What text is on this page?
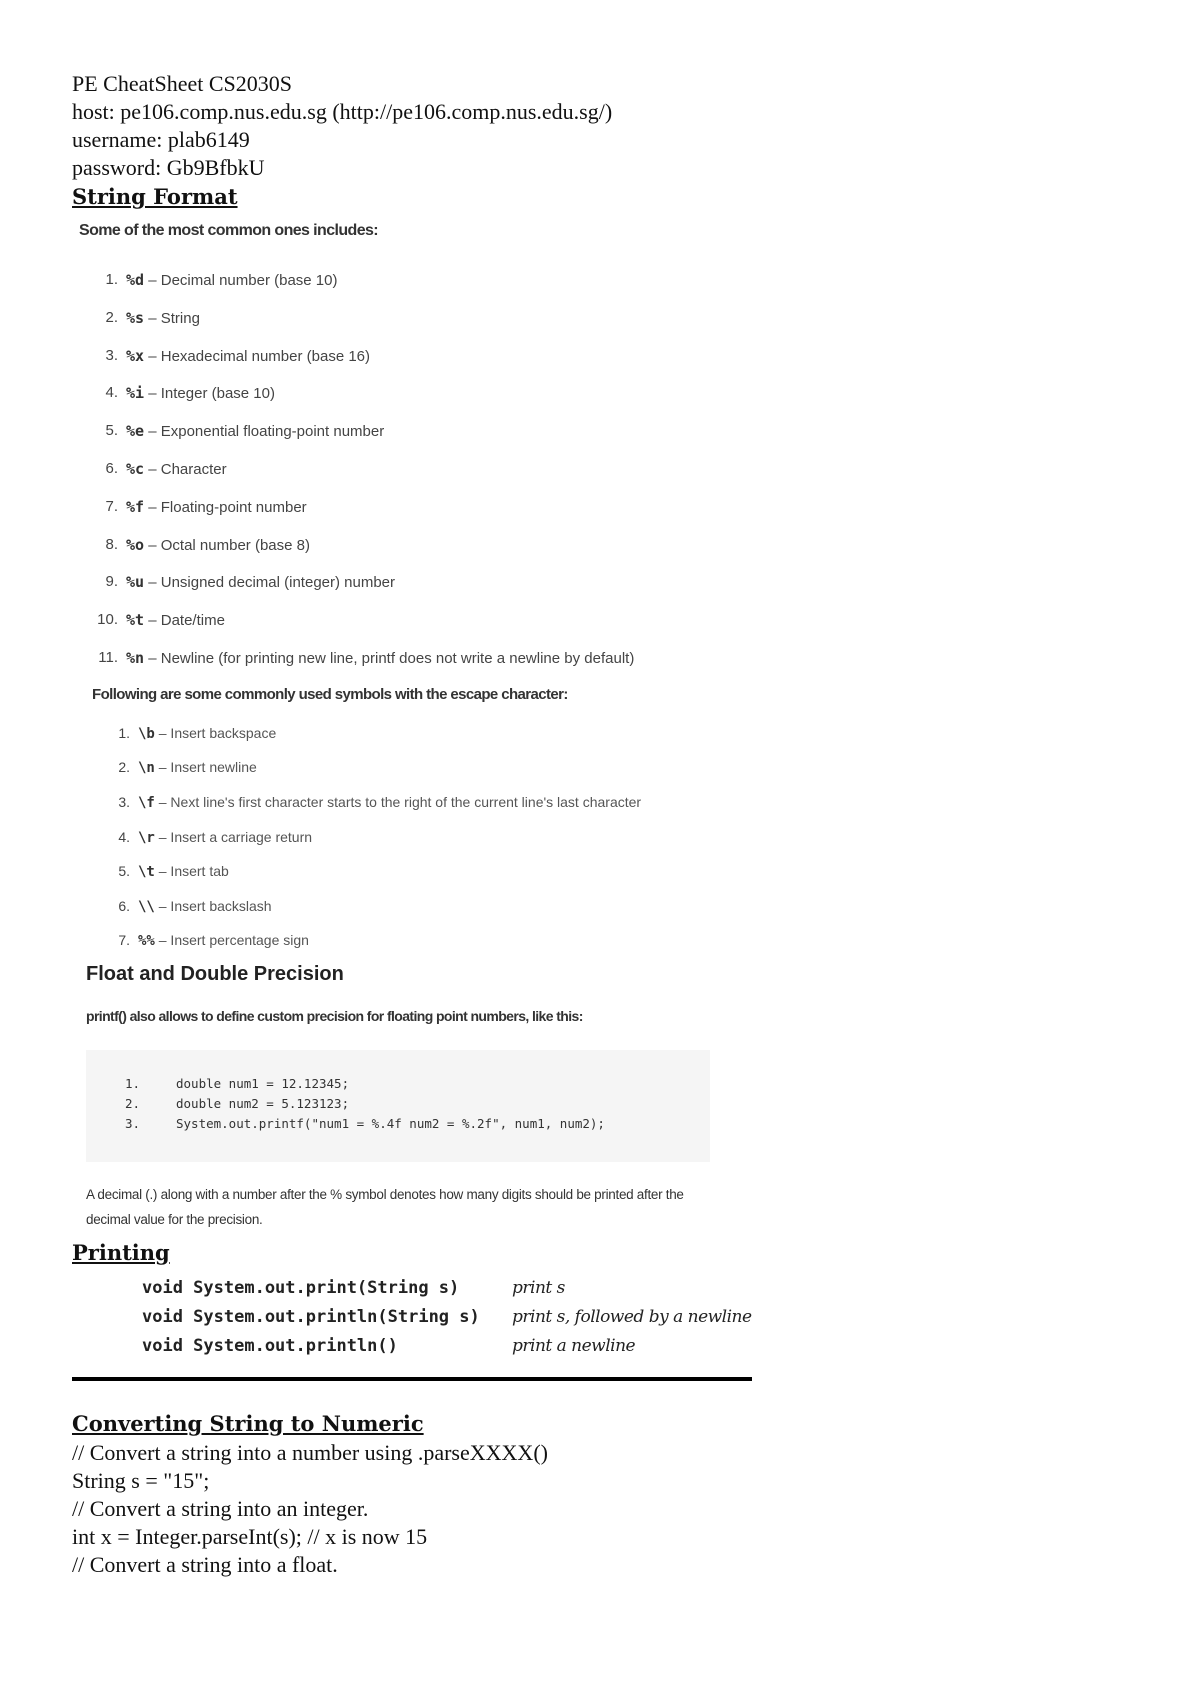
PE CheatSheet CS2030S

host: pe106.comp.nus.edu.sg (http://pe106.comp.nus.edu.sg/)

username: plab6149

password: Gb9BfbkU

String Format

Some of the most common ones includes:

1. %d – Decimal number (base 10)
2. %s – String
3. %x – Hexadecimal number (base 16)
4. %i – Integer (base 10)
5. %e – Exponential floating-point number
6. %c – Character
7. %f – Floating-point number
8. %o – Octal number (base 8)
9. %u – Unsigned decimal (integer) number
10. %t – Date/time
11. %n – Newline (for printing new line, printf does not write a newline by default)

Following are some commonly used symbols with the escape character:

1. \b – Insert backspace
2. \n – Insert newline
3. \f – Next line's first character starts to the right of the current line's last character
4. \r – Insert a carriage return
5. \t – Insert tab
6. \\ – Insert backslash
7. %% – Insert percentage sign
Float and Double Precision

printf() also allows to define custom precision for floating point numbers, like this:

1.	double num1 = 12.12345;
2.	double num2 = 5.123123;
3.	System.out.printf("num1 = %.4f num2 = %.2f", num1, num2);
A decimal (.) along with a number after the % symbol denotes how many digits should be printed after the
decimal value for the precision.
Printing
void System.out.print(String s)	print s
void System.out.println(String s)	print s, followed by a newline
void System.out.println()	print a newline
Converting String to Numeric

// Convert a string into a number using .parseXXXX()

String s = "15";

// Convert a string into an integer.

int x = Integer.parseInt(s); // x is now 15

// Convert a string into a float.
